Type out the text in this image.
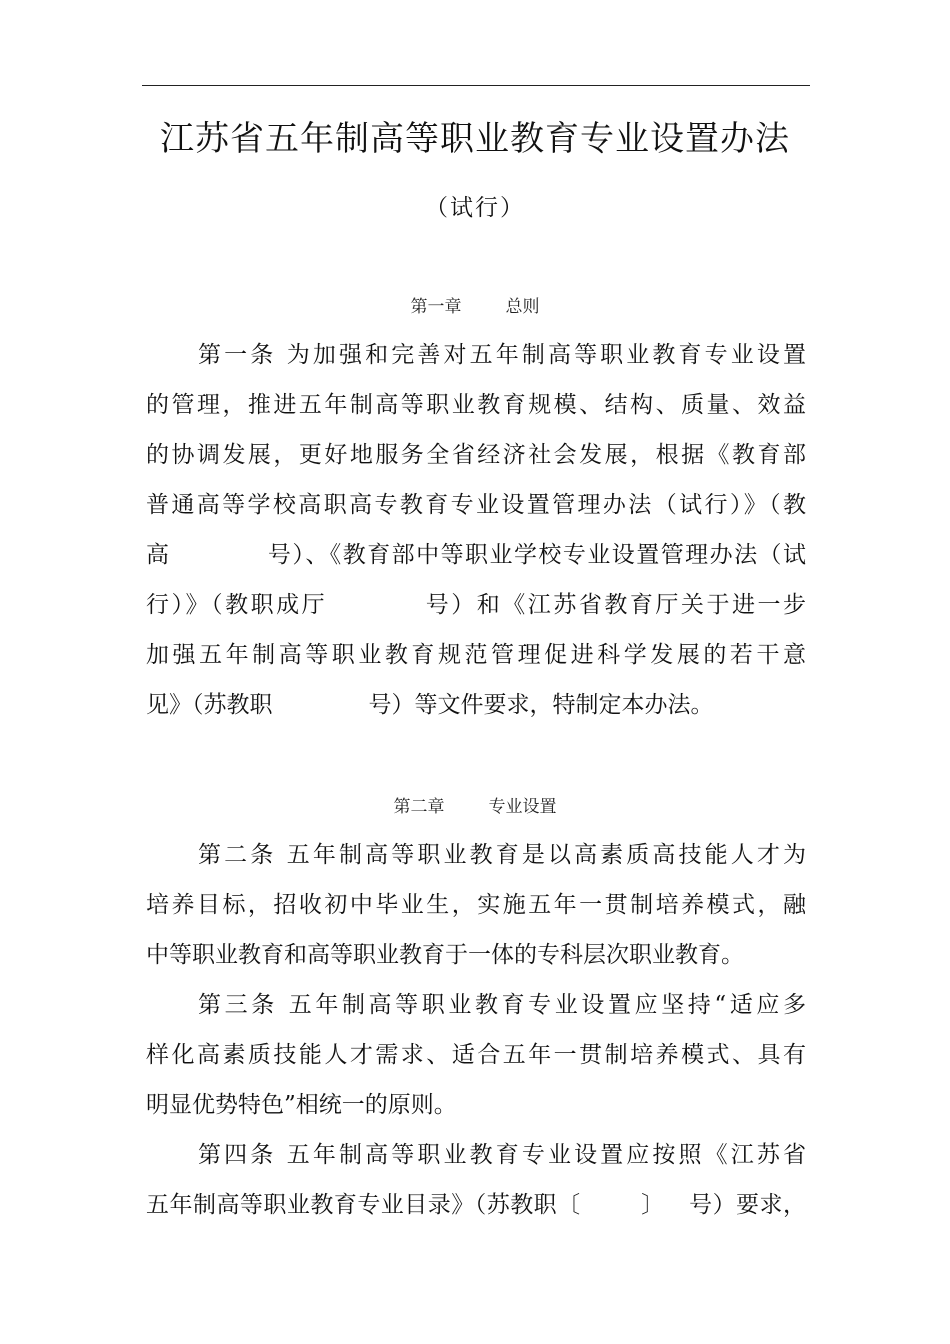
江苏省五年制高等职业教育专业设置办法
（试行）
第一章	总则
第一条 为加强和完善对五年制高等职业教育专业设置
的管理，推进五年制高等职业教育规模、结构、质量、效益
的协调发展，更好地服务全省经济社会发展，根据《教育部
普通高等学校高职高专教育专业设置管理办法（试行）》（教
高	号）、《教育部中等职业学校专业设置管理办法（试
行）》（教职成厅	号）和《江苏省教育厅关于进一步
加强五年制高等职业教育规范管理促进科学发展的若干意
见》（苏教职	号）等文件要求，特制定本办法。
第二章	专业设置
第二条 五年制高等职业教育是以高素质高技能人才为
培养目标，招收初中毕业生，实施五年一贯制培养模式，融
中等职业教育和高等职业教育于一体的专科层次职业教育。
第三条 五年制高等职业教育专业设置应坚持“适应多
样化高素质技能人才需求、适合五年一贯制培养模式、具有
明显优势特色”相统一的原则。
第四条 五年制高等职业教育专业设置应按照《江苏省
五年制高等职业教育专业目录》（苏教职〔	〕 号）要求，
